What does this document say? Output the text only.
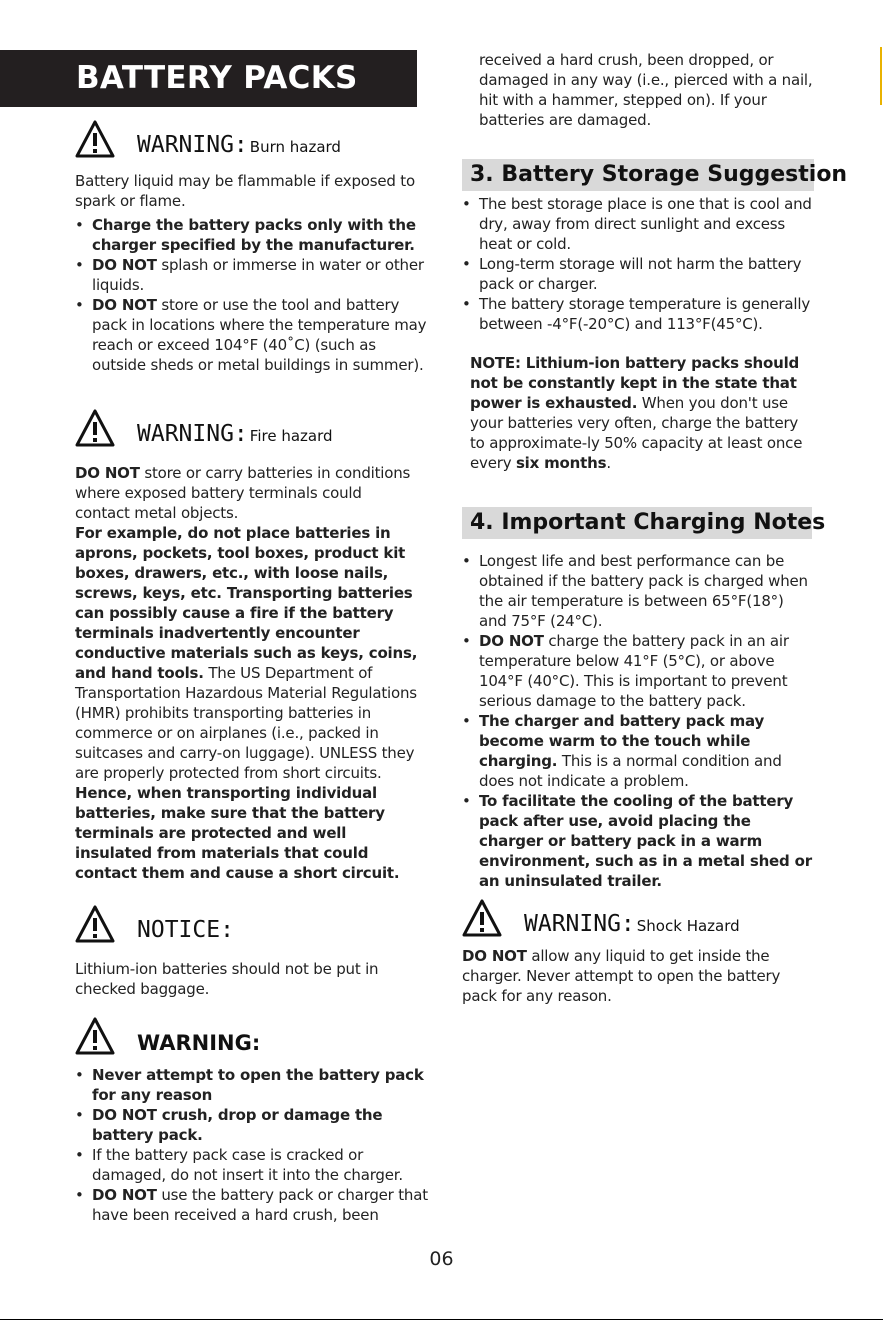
BATTERY PACKS
WARNING: Burn hazard
Battery liquid may be flammable if exposed to spark or flame.
• Charge the battery packs only with the charger specified by the manufacturer.
• DO NOT splash or immerse in water or other liquids.
• DO NOT store or use the tool and battery pack in locations where the temperature may reach or exceed 104°F (40˚C) (such as outside sheds or metal buildings in summer).
WARNING: Fire hazard
DO NOT store or carry batteries in conditions where exposed battery terminals could contact metal objects.
For example, do not place batteries in aprons, pockets, tool boxes, product kit boxes, drawers, etc., with loose nails, screws, keys, etc. Transporting batteries can possibly cause a fire if the battery terminals inadvertently encounter conductive materials such as keys, coins, and hand tools. The US Department of Transportation Hazardous Material Regulations (HMR) prohibits transporting batteries in commerce or on airplanes (i.e., packed in suitcases and carry-on luggage). UNLESS they are properly protected from short circuits.
Hence, when transporting individual batteries, make sure that the battery terminals are protected and well insulated from materials that could contact them and cause a short circuit.
NOTICE:
Lithium-ion batteries should not be put in checked baggage.
WARNING:
• Never attempt to open the battery pack for any reason
• DO NOT crush, drop or damage the battery pack.
• If the battery pack case is cracked or damaged, do not insert it into the charger.
• DO NOT use the battery pack or charger that have been received a hard crush, been
received a hard crush, been dropped, or damaged in any way (i.e., pierced with a nail, hit with a hammer, stepped on). If your batteries are damaged.
3. Battery Storage Suggestion
• The best storage place is one that is cool and dry, away from direct sunlight and excess heat or cold.
• Long-term storage will not harm the battery pack or charger.
• The battery storage temperature is generally between -4°F(-20°C) and 113°F(45°C).
NOTE: Lithium-ion battery packs should not be constantly kept in the state that power is exhausted. When you don't use your batteries very often, charge the battery to approximate-ly 50% capacity at least once every six months.
4. Important Charging Notes
• Longest life and best performance can be obtained if the battery pack is charged when the air temperature is between 65°F(18°) and 75°F (24°C).
• DO NOT charge the battery pack in an air temperature below 41°F (5°C), or above 104°F (40°C). This is important to prevent serious damage to the battery pack.
• The charger and battery pack may become warm to the touch while charging. This is a normal condition and does not indicate a problem.
• To facilitate the cooling of the battery pack after use, avoid placing the charger or battery pack in a warm environment, such as in a metal shed or an uninsulated trailer.
WARNING: Shock Hazard
DO NOT allow any liquid to get inside the charger. Never attempt to open the battery pack for any reason.
06
